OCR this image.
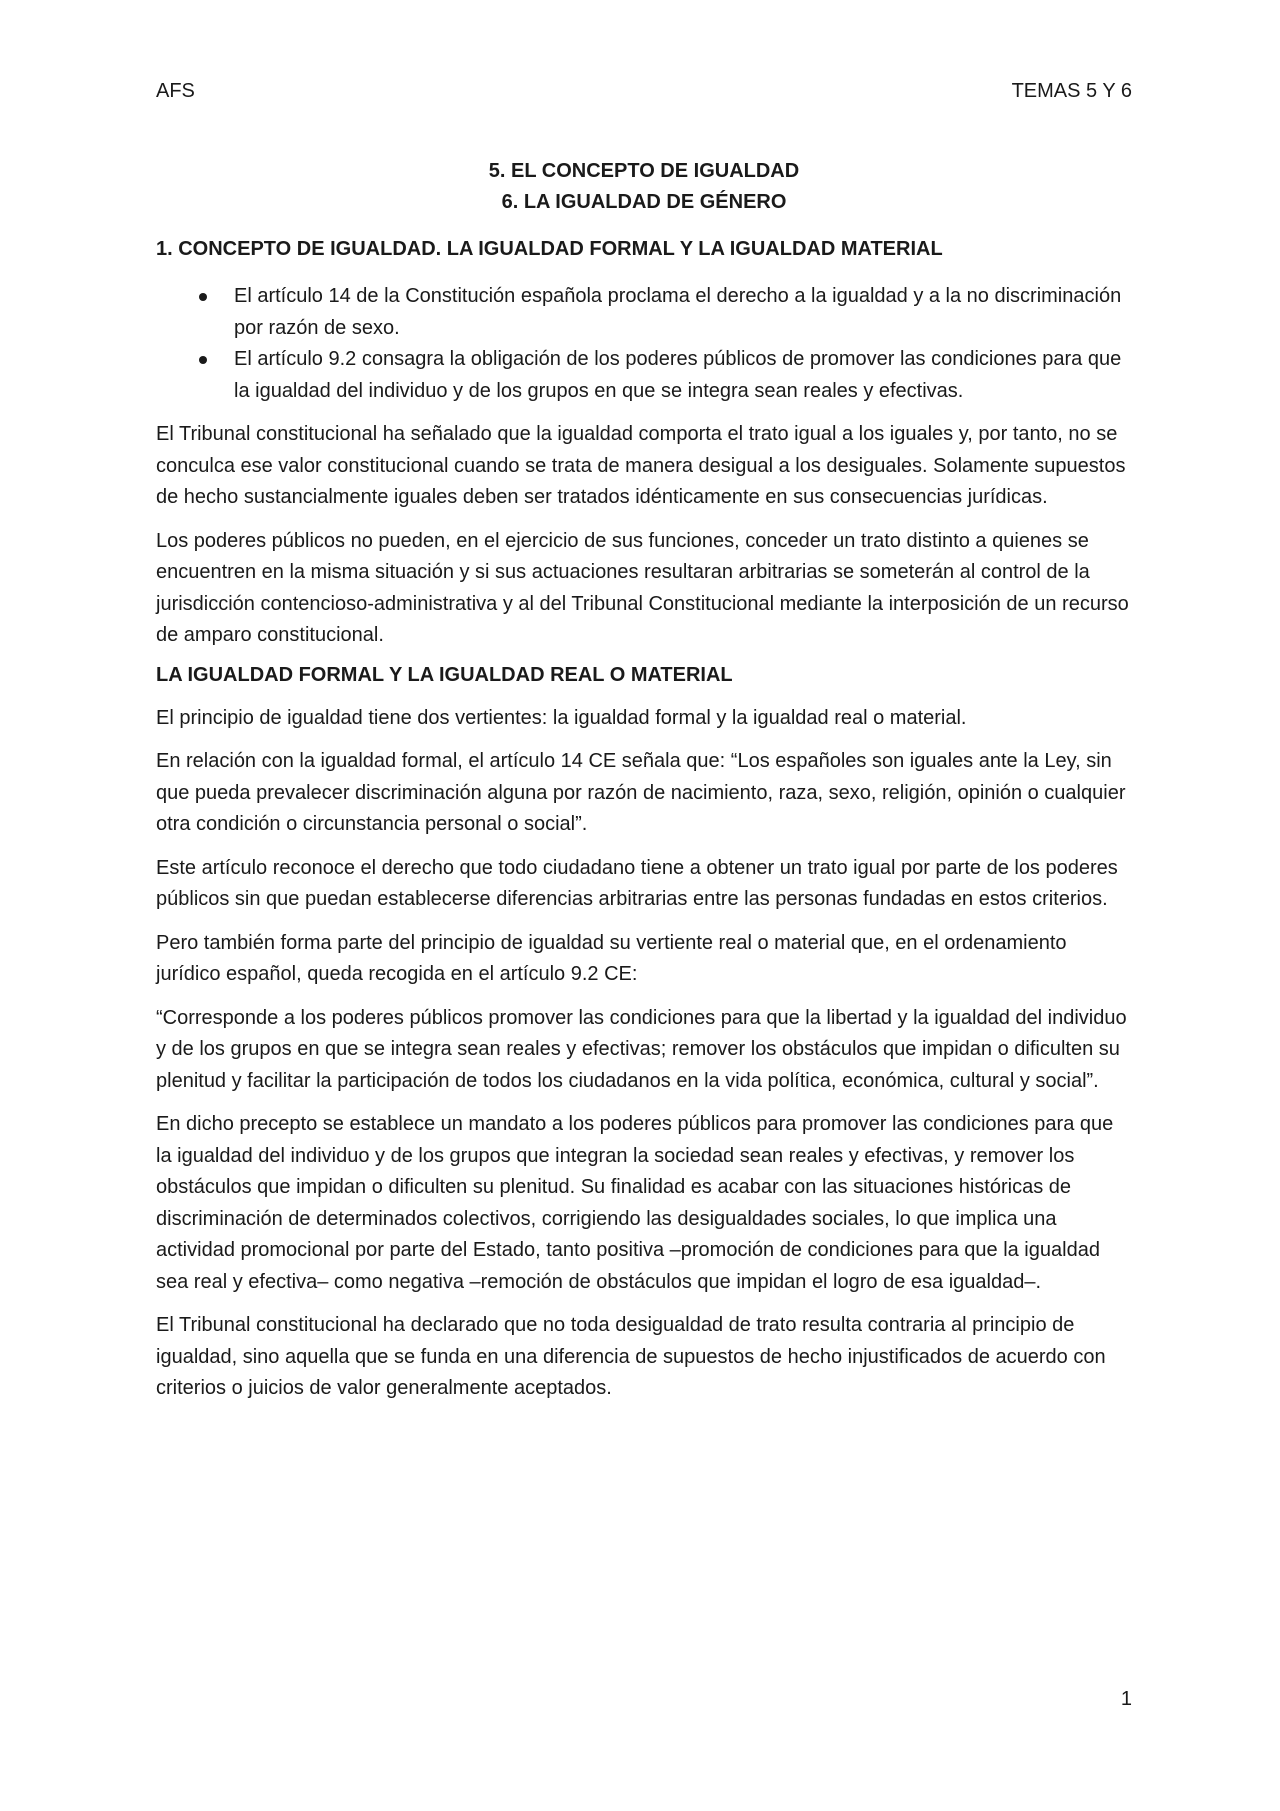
AFS	TEMAS 5 Y 6
5. EL CONCEPTO DE IGUALDAD
6. LA IGUALDAD DE GÉNERO
1. CONCEPTO DE IGUALDAD. LA IGUALDAD FORMAL Y LA IGUALDAD MATERIAL
El artículo 14 de la Constitución española proclama el derecho a la igualdad y a la no discriminación por razón de sexo.
El artículo 9.2 consagra la obligación de los poderes públicos de promover las condiciones para que la igualdad del individuo y de los grupos en que se integra sean reales y efectivas.

El Tribunal constitucional ha señalado que la igualdad comporta el trato igual a los iguales y, por tanto, no se conculca ese valor constitucional cuando se trata de manera desigual a los desiguales. Solamente supuestos de hecho sustancialmente iguales deben ser tratados idénticamente en sus consecuencias jurídicas.

Los poderes públicos no pueden, en el ejercicio de sus funciones, conceder un trato distinto a quienes se encuentren en la misma situación y si sus actuaciones resultaran arbitrarias se someterán al control de la jurisdicción contencioso-administrativa y al del Tribunal Constitucional mediante la interposición de un recurso de amparo constitucional.

LA IGUALDAD FORMAL Y LA IGUALDAD REAL O MATERIAL

El principio de igualdad tiene dos vertientes: la igualdad formal y la igualdad real o material.

En relación con la igualdad formal, el artículo 14 CE señala que: “Los españoles son iguales ante la Ley, sin que pueda prevalecer discriminación alguna por razón de nacimiento, raza, sexo, religión, opinión o cualquier otra condición o circunstancia personal o social”.

Este artículo reconoce el derecho que todo ciudadano tiene a obtener un trato igual por parte de los poderes públicos sin que puedan establecerse diferencias arbitrarias entre las personas fundadas en estos criterios.

Pero también forma parte del principio de igualdad su vertiente real o material que, en el ordenamiento jurídico español, queda recogida en el artículo 9.2 CE:

“Corresponde a los poderes públicos promover las condiciones para que la libertad y la igualdad del individuo y de los grupos en que se integra sean reales y efectivas; remover los obstáculos que impidan o dificulten su plenitud y facilitar la participación de todos los ciudadanos en la vida política, económica, cultural y social”.

En dicho precepto se establece un mandato a los poderes públicos para promover las condiciones para que la igualdad del individuo y de los grupos que integran la sociedad sean reales y efectivas, y remover los obstáculos que impidan o dificulten su plenitud. Su finalidad es acabar con las situaciones históricas de discriminación de determinados colectivos, corrigiendo las desigualdades sociales, lo que implica una actividad promocional por parte del Estado, tanto positiva –promoción de condiciones para que la igualdad sea real y efectiva– como negativa –remoción de obstáculos que impidan el logro de esa igualdad–.

El Tribunal constitucional ha declarado que no toda desigualdad de trato resulta contraria al principio de igualdad, sino aquella que se funda en una diferencia de supuestos de hecho injustificados de acuerdo con criterios o juicios de valor generalmente aceptados.

1
